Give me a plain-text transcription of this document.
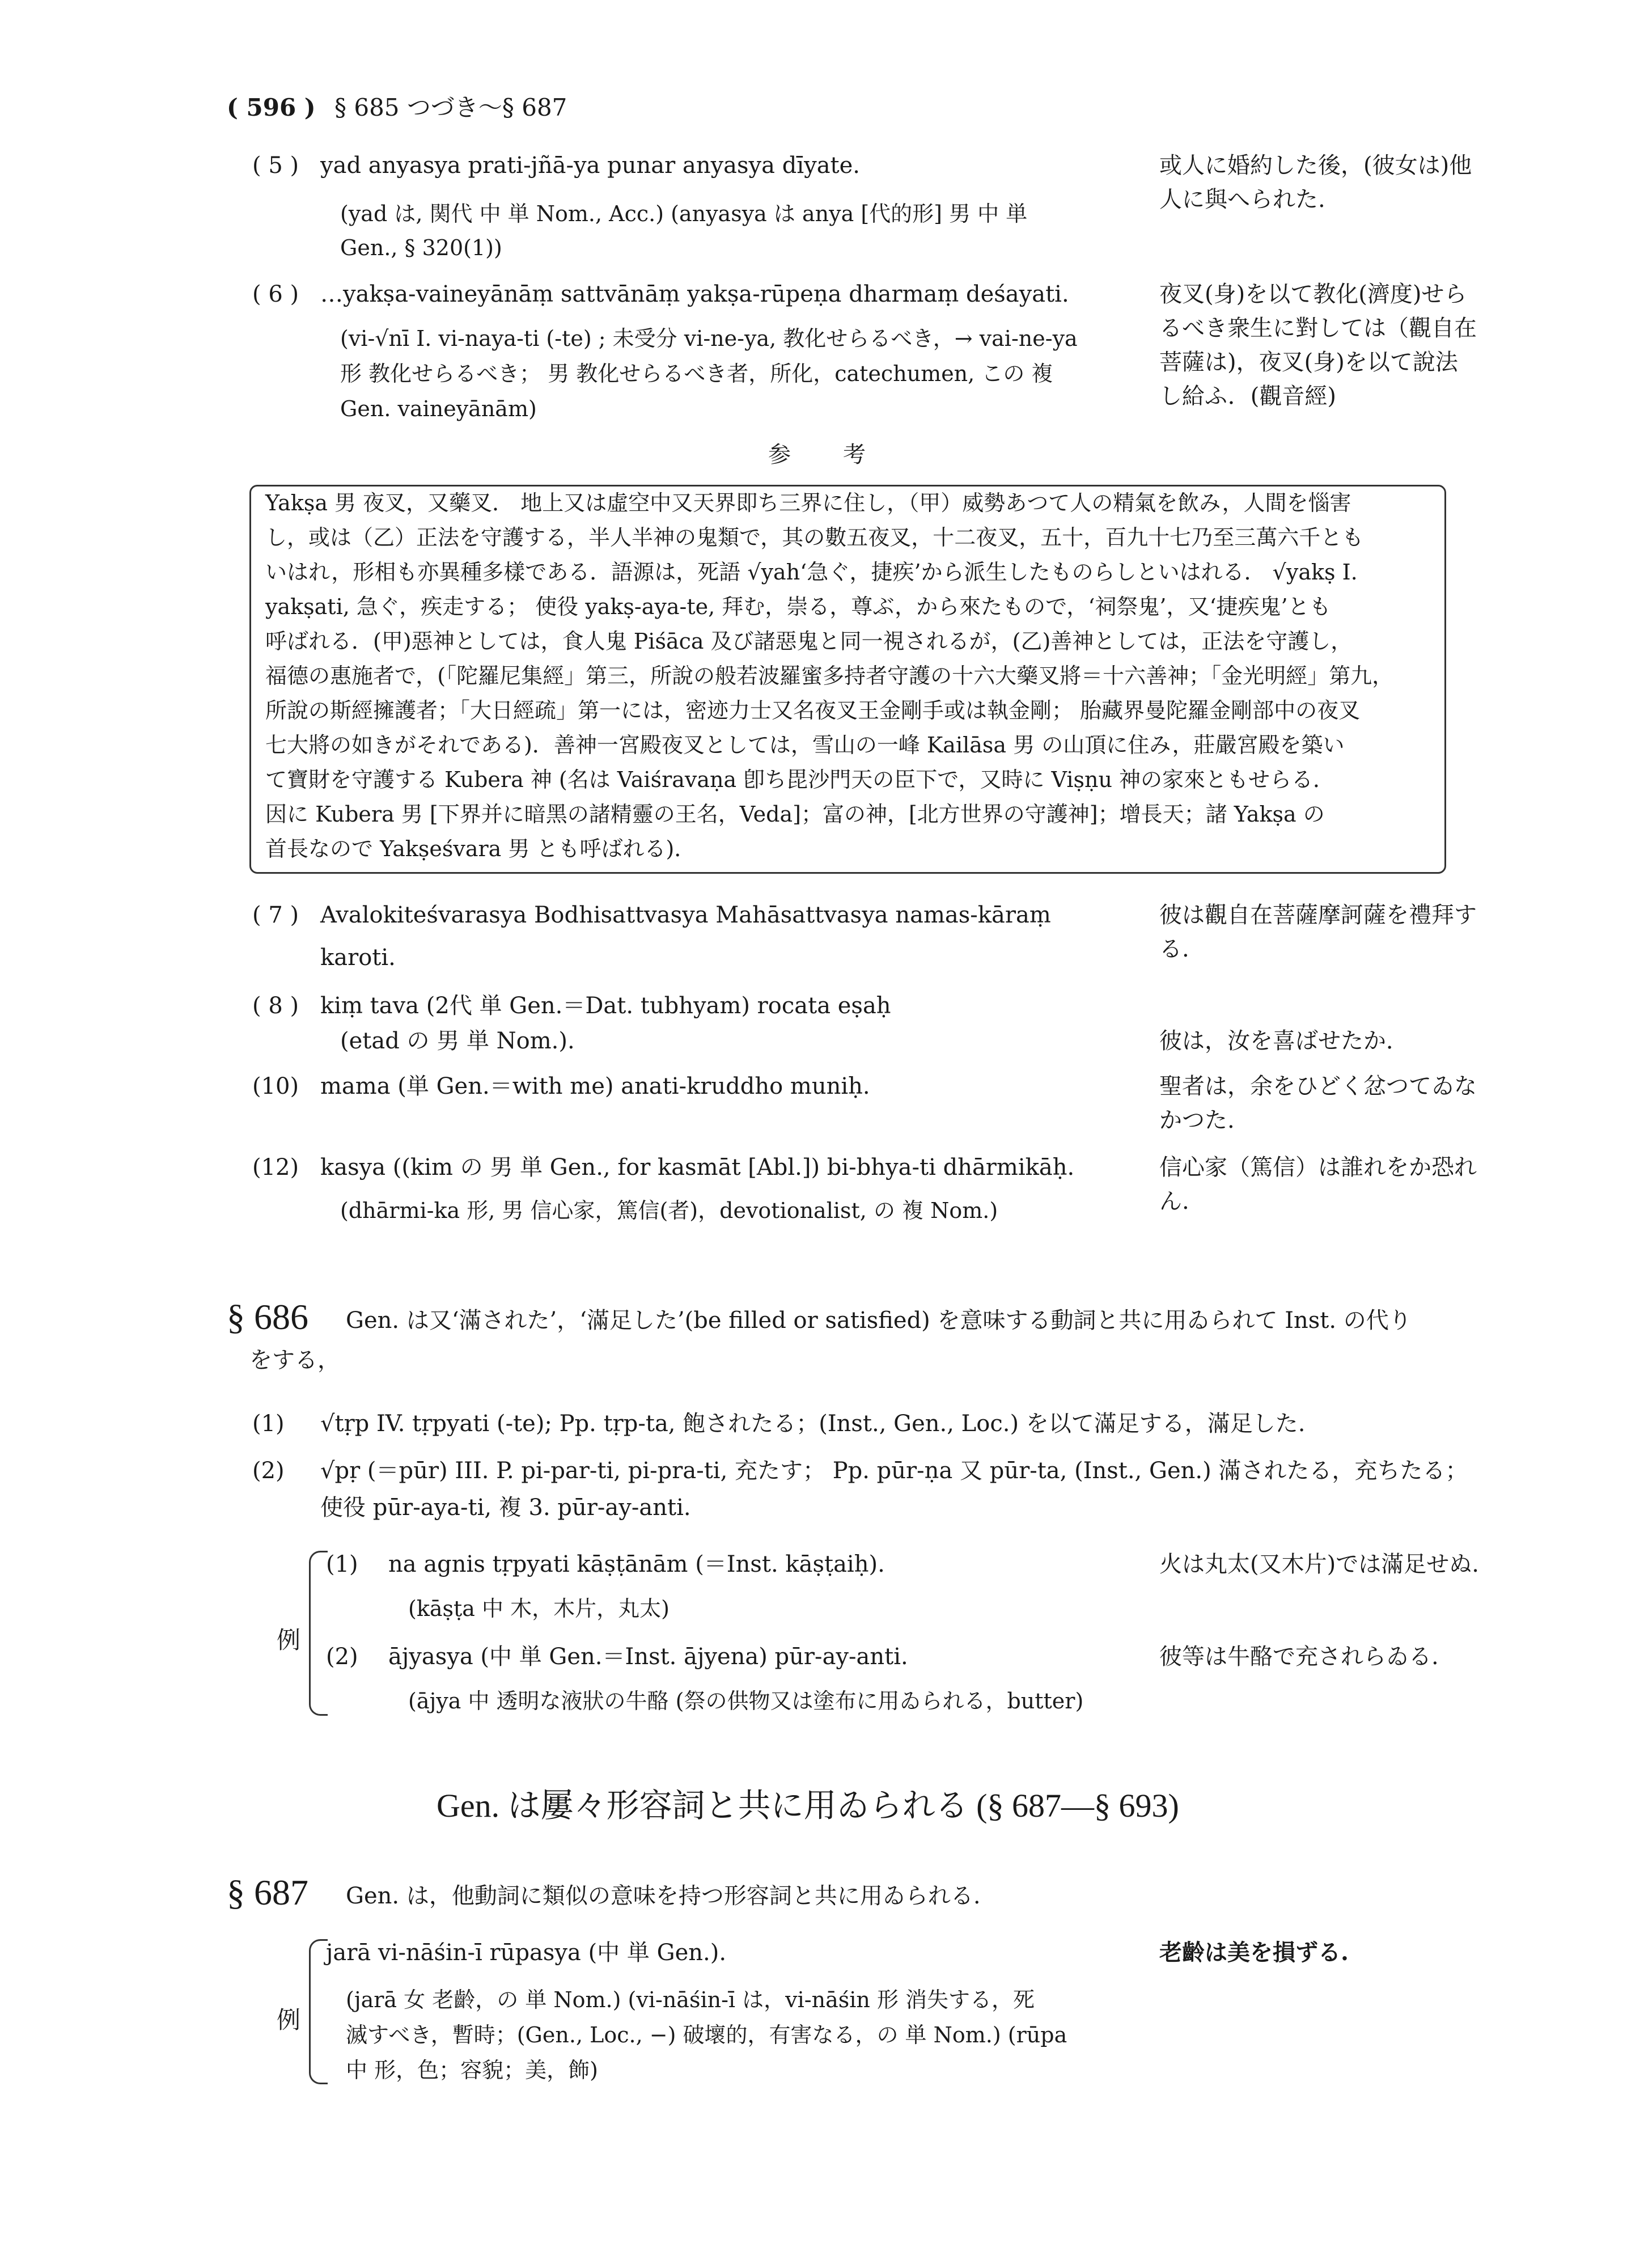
( 596 ) § 685 つづき～§ 687
( 5 ) yad anyasya prati-jñā-ya punar anyasya dīyate.
(yad は, 関代 中 単 Nom., Acc.) (anyasya は anya [代的形] 男 中 単
Gen., § 320(1))
或人に婚約した後，(彼女は)他
人に與へられた.
( 6 ) …yakṣa-vaineyānāṃ sattvānāṃ yakṣa-rūpeṇa dharmaṃ deśayati.
(vi-√nī I. vi-naya-ti (-te) ; 未受分 vi-ne-ya, 教化せらるべき，→ vai-ne-ya
形 教化せらるべき； 男 教化せらるべき者，所化，catechumen, この 複
Gen. vaineyānām)
夜叉(身)を以て教化(濟度)せら
るべき衆生に對しては（觀自在
菩薩は)，夜叉(身)を以て說法
し給ふ．(觀音經)
参　　考
Yakṣa 男 夜叉，又藥叉． 地上又は虛空中又天界即ち三界に住し，（甲）威勢あつて人の精氣を飲み，人間を惱害
し，或は（乙）正法を守護する，半人半神の鬼類で，其の數五夜叉，十二夜叉，五十，百九十七乃至三萬六千とも
いはれ，形相も亦異種多樣である．語源は，死語 √yah‘急ぐ，捷疾’から派生したものらしといはれる． √yakṣ I.
yakṣati, 急ぐ，疾走する； 使役 yakṣ-aya-te, 拜む，崇る，尊ぶ，から來たもので，‘祠祭鬼’，又‘捷疾鬼’とも
呼ばれる．(甲)惡神としては，食人鬼 Piśāca 及び諸惡鬼と同一視されるが，(乙)善神としては，正法を守護し，
福德の惠施者で，(「陀羅尼集經」第三，所說の般若波羅蜜多持者守護の十六大藥叉將＝十六善神；「金光明經」第九，
所說の斯經擁護者；「大日經疏」第一には，密迹力士又名夜叉王金剛手或は執金剛； 胎藏界曼陀羅金剛部中の夜叉
七大將の如きがそれである)．善神一宮殿夜叉としては，雪山の一峰 Kailāsa 男 の山頂に住み，莊嚴宮殿を築い
て寶財を守護する Kubera 神 (名は Vaiśravaṇa 卽ち毘沙門天の臣下で，又時に Viṣṇu 神の家來ともせらる．
因に Kubera 男 [下界并に暗黑の諸精靈の王名，Veda]；富の神，[北方世界の守護神]；增長天；諸 Yakṣa の
首長なので Yakṣeśvara 男 とも呼ばれる)．
( 7 ) Avalokiteśvarasya Bodhisattvasya Mahāsattvasya namas-kāraṃ
karoti.
彼は觀自在菩薩摩訶薩を禮拜す
る.
( 8 ) kiṃ tava (2代 単 Gen.＝Dat. tubhyam) rocata eṣaḥ
(etad の 男 単 Nom.).	彼は，汝を喜ばせたか．
(10) mama (単 Gen.＝with me) anati-kruddho muniḥ.	聖者は，余をひどく忿つてゐな
かつた.
(12) kasya ((kim の 男 単 Gen., for kasmāt [Abl.]) bi-bhya-ti dhārmikāḥ.
(dhārmi-ka 形, 男 信心家，篤信(者)，devotionalist, の 複 Nom.)
信心家（篤信）は誰れをか恐れ
ん.
§ 686 Gen. は又‘滿された’，‘滿足した’(be filled or satisfied) を意味する動詞と共に用ゐられて Inst. の代り
をする，
(1) √tṛp IV. tṛpyati (-te); Pp. tṛp-ta, 飽されたる；(Inst., Gen., Loc.) を以て滿足する，滿足した.
(2) √pṛ (＝pūr) III. P. pi-par-ti, pi-pra-ti, 充たす； Pp. pūr-ṇa 又 pūr-ta, (Inst., Gen.) 滿されたる，充ちたる；
使役 pūr-aya-ti, 複 3. pūr-ay-anti.
例
(1) na agnis tṛpyati kāṣṭānām (＝Inst. kāṣṭaiḥ).
(kāṣṭa 中 木，木片，丸太)
火は丸太(又木片)では滿足せぬ.
(2) ājyasya (中 単 Gen.＝Inst. ājyena) pūr-ay-anti.
(ājya 中 透明な液狀の牛酪 (祭の供物又は塗布に用ゐられる，butter)
彼等は牛酪で充されらゐる.
Gen. は屢々形容詞と共に用ゐられる (§ 687—§ 693)
§ 687 Gen. は，他動詞に類似の意味を持つ形容詞と共に用ゐられる.
例
jarā vi-nāśin-ī rūpasya (中 単 Gen.).
(jarā 女 老齡，の 単 Nom.) (vi-nāśin-ī は，vi-nāśin 形 消失する，死
滅すべき，暫時；(Gen., Loc., −) 破壞的，有害なる，の 単 Nom.) (rūpa
中 形，色；容貌；美，飾)
老齡は美を損ずる.
